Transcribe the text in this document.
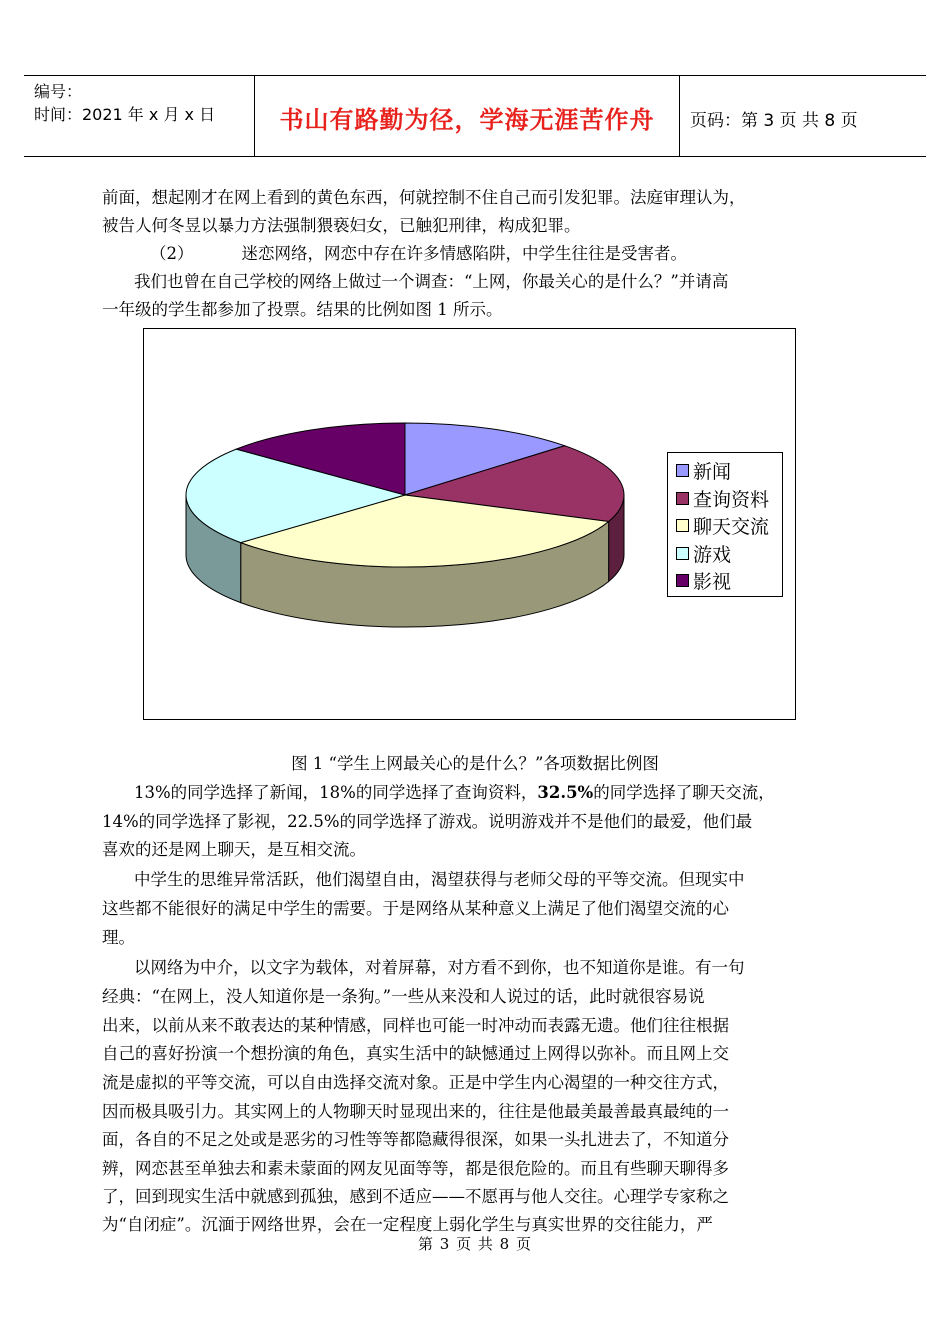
编号：
时间：2021 年 x 月 x 日	书山有路勤为径，学海无涯苦作舟	页码：第 3 页 共 8 页
前面，想起刚才在网上看到的黄色东西，何就控制不住自己而引发犯罪。法庭审理认为，
被告人何冬昱以暴力方法强制猥亵妇女，已触犯刑律，构成犯罪。
（2）	迷恋网络，网恋中存在许多情感陷阱，中学生往往是受害者。
我们也曾在自己学校的网络上做过一个调查：“上网，你最关心的是什么？”并请高
一年级的学生都参加了投票。结果的比例如图 1 所示。
新闻
查询资料
聊天交流
游戏
影视
图 1 “学生上网最关心的是什么？”各项数据比例图
13%的同学选择了新闻，18%的同学选择了查询资料，32.5%的同学选择了聊天交流，
14%的同学选择了影视，22.5%的同学选择了游戏。说明游戏并不是他们的最爱，他们最
喜欢的还是网上聊天，是互相交流。
中学生的思维异常活跃，他们渴望自由，渴望获得与老师父母的平等交流。但现实中
这些都不能很好的满足中学生的需要。于是网络从某种意义上满足了他们渴望交流的心
理。
以网络为中介，以文字为载体，对着屏幕，对方看不到你，也不知道你是谁。有一句
经典：“在网上，没人知道你是一条狗。”一些从来没和人说过的话，此时就很容易说
出来，以前从来不敢表达的某种情感，同样也可能一时冲动而表露无遗。他们往往根据
自己的喜好扮演一个想扮演的角色，真实生活中的缺憾通过上网得以弥补。而且网上交
流是虚拟的平等交流，可以自由选择交流对象。正是中学生内心渴望的一种交往方式，
因而极具吸引力。其实网上的人物聊天时显现出来的，往往是他最美最善最真最纯的一
面，各自的不足之处或是恶劣的习性等等都隐藏得很深，如果一头扎进去了，不知道分
辨，网恋甚至单独去和素未蒙面的网友见面等等，都是很危险的。而且有些聊天聊得多
了，回到现实生活中就感到孤独，感到不适应——不愿再与他人交往。心理学专家称之
为“自闭症”。沉湎于网络世界，会在一定程度上弱化学生与真实世界的交往能力，严
第 3 页 共 8 页
